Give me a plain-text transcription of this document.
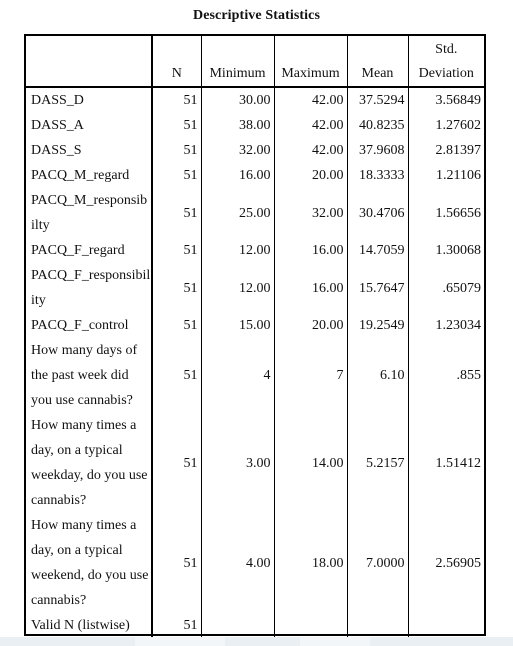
Descriptive Statistics
	N	Minimum	Maximum	Mean	Std.
Deviation

DASS_D	51	30.00	42.00	37.5294	3.56849
DASS_A	51	38.00	42.00	40.8235	1.27602
DASS_S	51	32.00	42.00	37.9608	2.81397
PACQ_M_regard	51	16.00	20.00	18.3333	1.21106
PACQ_M_responsibilty	51	25.00	32.00	30.4706	1.56656
PACQ_F_regard	51	12.00	16.00	14.7059	1.30068
PACQ_F_responsibility	51	12.00	16.00	15.7647	.65079
PACQ_F_control	51	15.00	20.00	19.2549	1.23034
How many days of the past week did you use cannabis?	51	4	7	6.10	.855
How many times a day, on a typical weekday, do you use cannabis?	51	3.00	14.00	5.2157	1.51412
How many times a day, on a typical weekend, do you use cannabis?	51	4.00	18.00	7.0000	2.56905
Valid N (listwise)	51				
